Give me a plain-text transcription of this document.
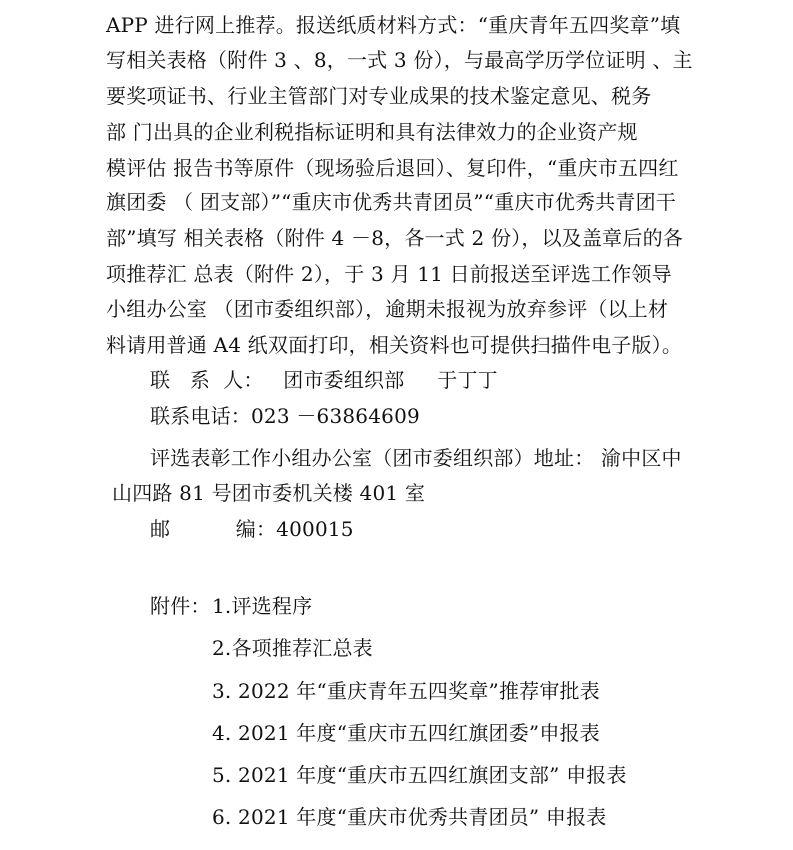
APP 进行网上推荐。报送纸质材料方式：“重庆青年五四奖章”填
写相关表格（附件 3 、8，一式 3 份），与最高学历学位证明 、主
要奖项证书、行业主管部门对专业成果的技术鉴定意见、税务
部 门出具的企业利税指标证明和具有法律效力的企业资产规
模评估 报告书等原件（现场验后退回）、复印件，“重庆市五四红
旗团委 （ 团支部）”“重庆市优秀共青团员”“重庆市优秀共青团干
部”填写 相关表格（附件 4 －8，各一式 2 份），以及盖章后的各
项推荐汇 总表（附件 2），于 3 月 11 日前报送至评选工作领导
小组办公室 （团市委组织部），逾期未报视为放弃参评（以上材
料请用普通 A4 纸双面打印，相关资料也可提供扫描件电子版）。
联   系  人：   团市委组织部     于丁丁
联系电话：023 －63864609
评选表彰工作小组办公室（团市委组织部）地址： 渝中区中
山四路 81 号团市委机关楼 401 室
邮          编：400015
附件： 1.评选程序
2.各项推荐汇总表
3. 2022 年“重庆青年五四奖章”推荐审批表
4. 2021 年度“重庆市五四红旗团委”申报表
5. 2021 年度“重庆市五四红旗团支部” 申报表
6. 2021 年度“重庆市优秀共青团员” 申报表
